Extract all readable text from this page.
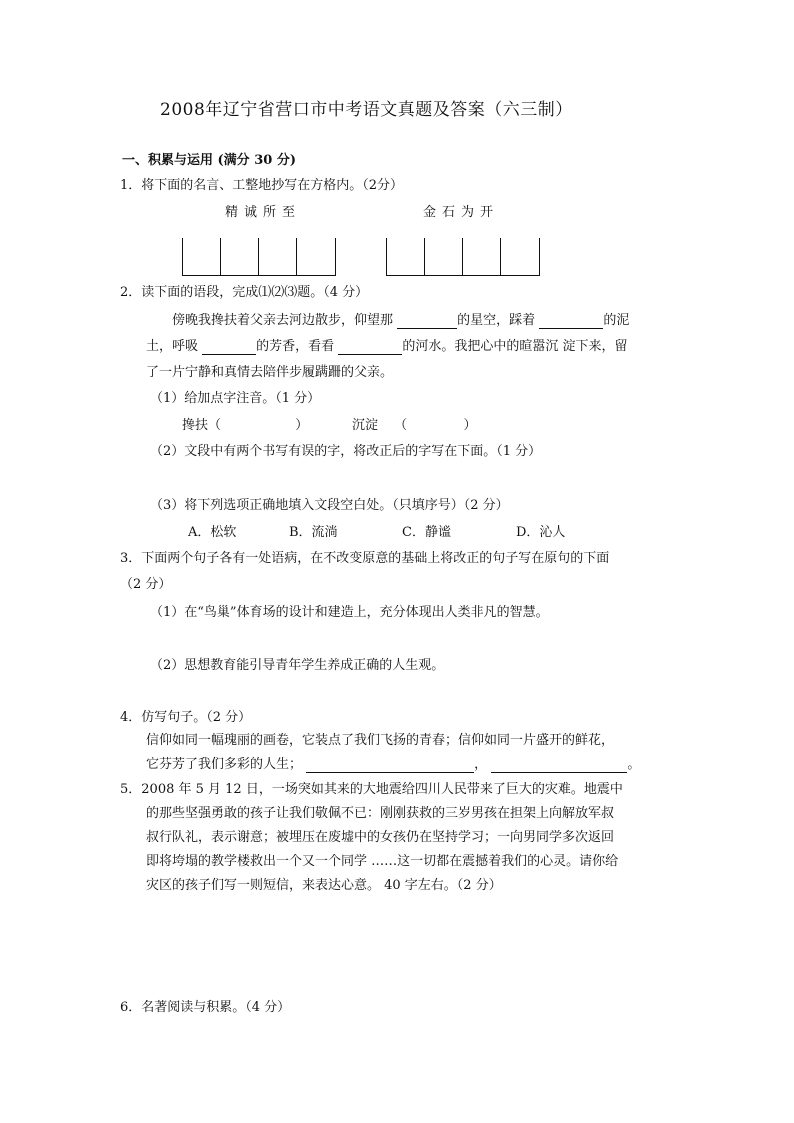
2008年辽宁省营口市中考语文真题及答案（六三制）
一、积累与运用 (满分 30 分)
1．将下面的名言、工整地抄写在方格内。（2分）
精诚所至	金石为开
2．读下面的语段，完成⑴⑵⑶题。（4 分）
傍晚我搀扶着父亲去河边散步，仰望那	的星空，踩着	的泥
土，呼吸	的芳香，看看	的河水。我把心中的暄嚣沉 淀下来，留
了一片宁静和真情去陪伴步履蹒跚的父亲。
（1）给加点字注音。（1 分）
搀扶（	）	沉淀 （	）
（2）文段中有两个书写有误的字，将改正后的字写在下面。（1 分）
（3）将下列选项正确地填入文段空白处。（只填序号）（2 分）
A．松软	B．流淌	C．静谧	D．沁人
3．下面两个句子各有一处语病，在不改变原意的基础上将改正的句子写在原句的下面
（2 分）
（1）在“鸟巢”体育场的设计和建造上，充分体现出人类非凡的智慧。
（2）思想教育能引导青年学生养成正确的人生观。
4．仿写句子。（2 分）
信仰如同一幅瑰丽的画卷，它装点了我们飞扬的青春；信仰如同一片盛开的鲜花，
它芬芳了我们多彩的人生；	，	。
5．2008 年 5 月 12 日，一场突如其来的大地震给四川人民带来了巨大的灾难。地震中
的那些坚强勇敢的孩子让我们敬佩不已：刚刚获救的三岁男孩在担架上向解放军叔
叔行队礼，表示谢意；被埋压在废墟中的女孩仍在坚持学习；一向男同学多次返回
即将垮塌的教学楼救出一个又一个同学 ……这一切都在震撼着我们的心灵。请你给
灾区的孩子们写一则短信，来表达心意。 40 字左右。（2 分）
6．名著阅读与积累。（4 分）
